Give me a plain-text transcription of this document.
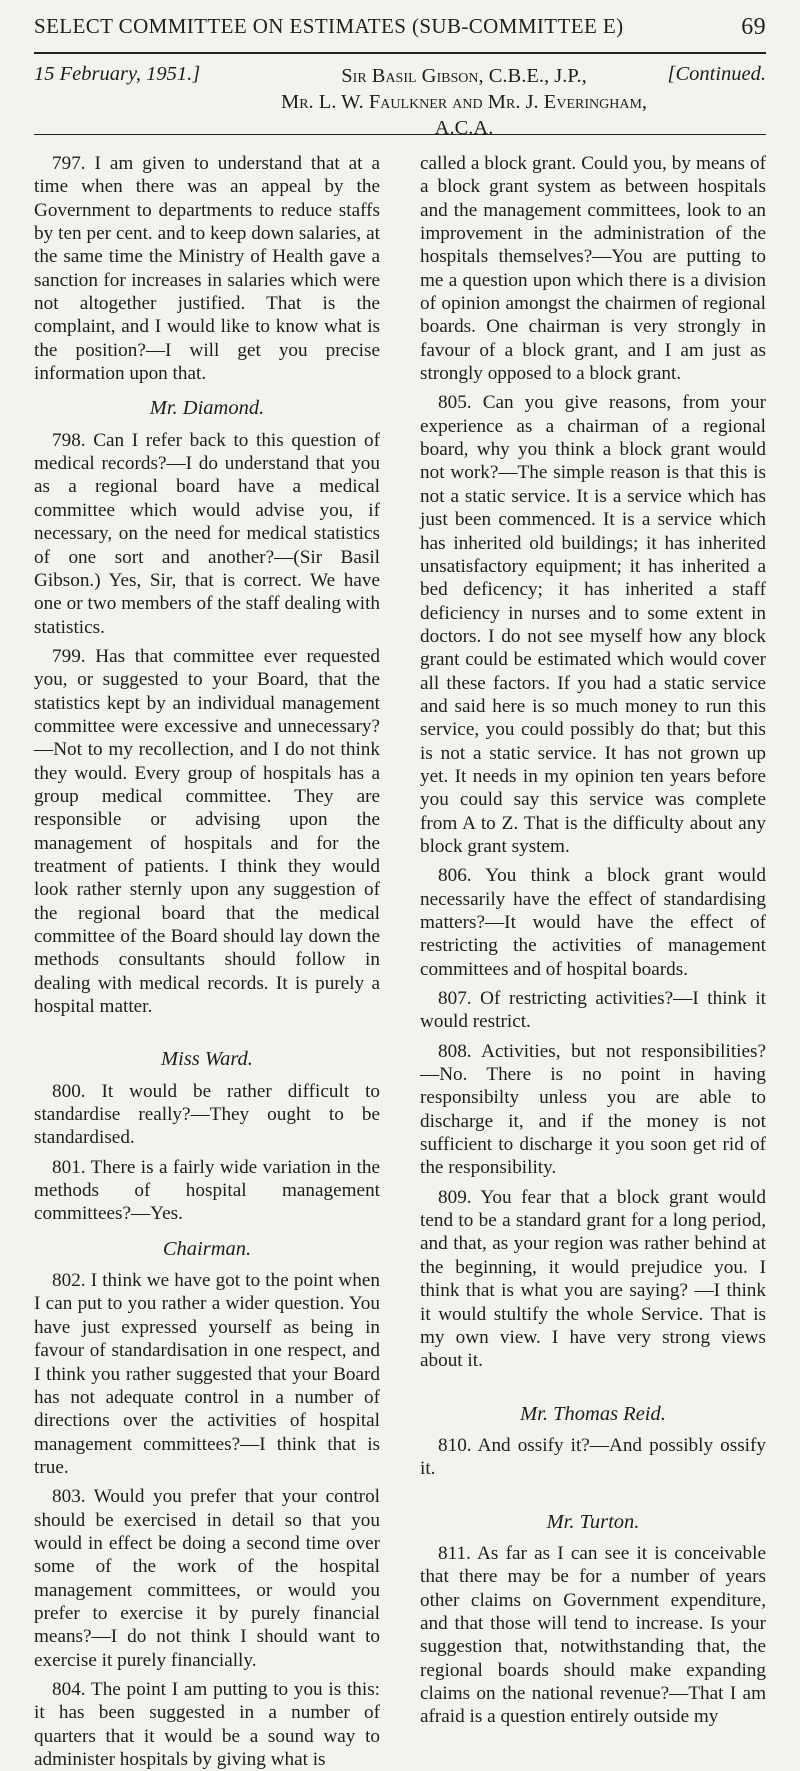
SELECT COMMITTEE ON ESTIMATES (SUB-COMMITTEE E)	69
15 February, 1951.]	Sir Basil Gibson, C.B.E., J.P.,
Mr. L. W. Faulkner and Mr. J. Everingham, A.C.A.
[Continued.

797. I am given to understand that at a time when there was an appeal by the Government to departments to reduce staffs by ten per cent. and to keep down salaries, at the same time the Ministry of Health gave a sanction for increases in salaries which were not altogether justified. That is the complaint, and I would like to know what is the position?—I will get you precise information upon that.

Mr. Diamond.

798. Can I refer back to this question of medical records?—I do understand that you as a regional board have a medical committee which would advise you, if necessary, on the need for medical statistics of one sort and another?—(Sir Basil Gibson.) Yes, Sir, that is correct. We have one or two members of the staff dealing with statistics.

799. Has that committee ever requested you, or suggested to your Board, that the statistics kept by an individual management committee were excessive and unnecessary? —Not to my recollection, and I do not think they would. Every group of hospitals has a group medical committee. They are responsible or advising upon the management of hospitals and for the treatment of patients. I think they would look rather sternly upon any suggestion of the regional board that the medical committee of the Board should lay down the methods consultants should follow in dealing with medical records. It is purely a hospital matter.

Miss Ward.

800. It would be rather difficult to standardise really?—They ought to be standardised.

801. There is a fairly wide variation in the methods of hospital management committees?—Yes.

Chairman.

802. I think we have got to the point when I can put to you rather a wider question. You have just expressed yourself as being in favour of standardisation in one respect, and I think you rather suggested that your Board has not adequate control in a number of directions over the activities of hospital management committees?—I think that is true.

803. Would you prefer that your control should be exercised in detail so that you would in effect be doing a second time over some of the work of the hospital management committees, or would you prefer to exercise it by purely financial means?—I do not think I should want to exercise it purely financially.

804. The point I am putting to you is this: it has been suggested in a number of quarters that it would be a sound way to administer hospitals by giving what is

called a block grant. Could you, by means of a block grant system as between hospitals and the management committees, look to an improvement in the administration of the hospitals themselves?—You are putting to me a question upon which there is a division of opinion amongst the chairmen of regional boards. One chairman is very strongly in favour of a block grant, and I am just as strongly opposed to a block grant.

805. Can you give reasons, from your experience as a chairman of a regional board, why you think a block grant would not work?—The simple reason is that this is not a static service. It is a service which has just been commenced. It is a service which has inherited old buildings; it has inherited unsatisfactory equipment; it has inherited a bed deficency; it has inherited a staff deficiency in nurses and to some extent in doctors. I do not see myself how any block grant could be estimated which would cover all these factors. If you had a static service and said here is so much money to run this service, you could possibly do that; but this is not a static service. It has not grown up yet. It needs in my opinion ten years before you could say this service was complete from A to Z. That is the difficulty about any block grant system.

806. You think a block grant would necessarily have the effect of standardising matters?—It would have the effect of restricting the activities of management committees and of hospital boards.

807. Of restricting activities?—I think it would restrict.

808. Activities, but not responsibilities? —No. There is no point in having responsibilty unless you are able to discharge it, and if the money is not sufficient to discharge it you soon get rid of the responsibility.

809. You fear that a block grant would tend to be a standard grant for a long period, and that, as your region was rather behind at the beginning, it would prejudice you. I think that is what you are saying? —I think it would stultify the whole Service. That is my own view. I have very strong views about it.

Mr. Thomas Reid.

810. And ossify it?—And possibly ossify it.

Mr. Turton.

811. As far as I can see it is conceivable that there may be for a number of years other claims on Government expenditure, and that those will tend to increase. Is your suggestion that, notwithstanding that, the regional boards should make expanding claims on the national revenue?—That I am afraid is a question entirely outside my
